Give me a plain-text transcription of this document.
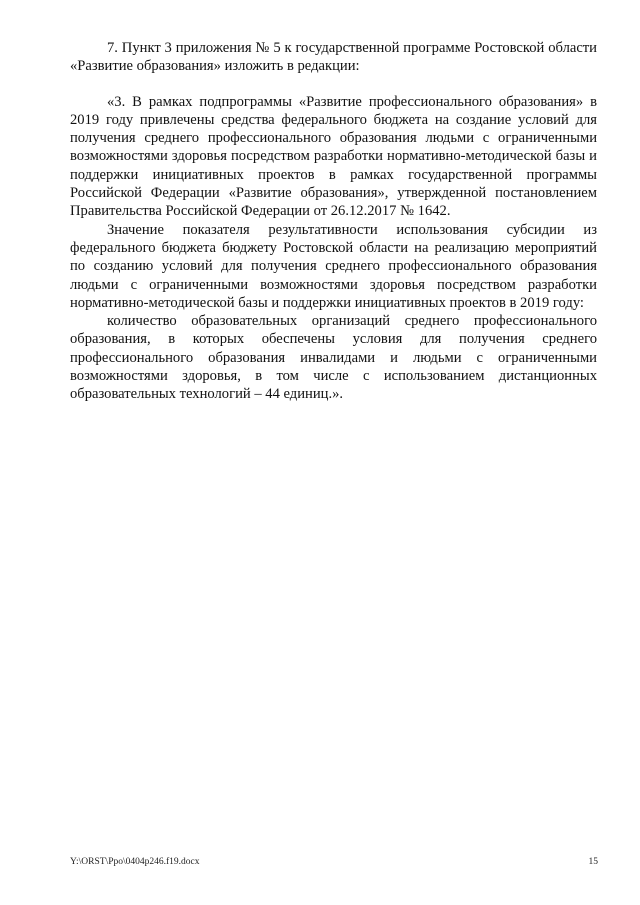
7. Пункт 3 приложения № 5 к государственной программе Ростовской области «Развитие образования» изложить в редакции:

«3. В рамках подпрограммы «Развитие профессионального образования» в 2019 году привлечены средства федерального бюджета на создание условий для получения среднего профессионального образования людьми с ограниченными возможностями здоровья посредством разработки нормативно-методической базы и поддержки инициативных проектов в рамках государственной программы Российской Федерации «Развитие образования», утвержденной постановлением Правительства Российской Федерации от 26.12.2017 № 1642.

Значение показателя результативности использования субсидии из федерального бюджета бюджету Ростовской области на реализацию мероприятий по созданию условий для получения среднего профессионального образования людьми с ограниченными возможностями здоровья посредством разработки нормативно-методической базы и поддержки инициативных проектов в 2019 году:

количество образовательных организаций среднего профессионального образования, в которых обеспечены условия для получения среднего профессионального образования инвалидами и людьми с ограниченными возможностями здоровья, в том числе с использованием дистанционных образовательных технологий – 44 единиц.».

Y:\ORST\Ppo\0404p246.f19.docx	15
